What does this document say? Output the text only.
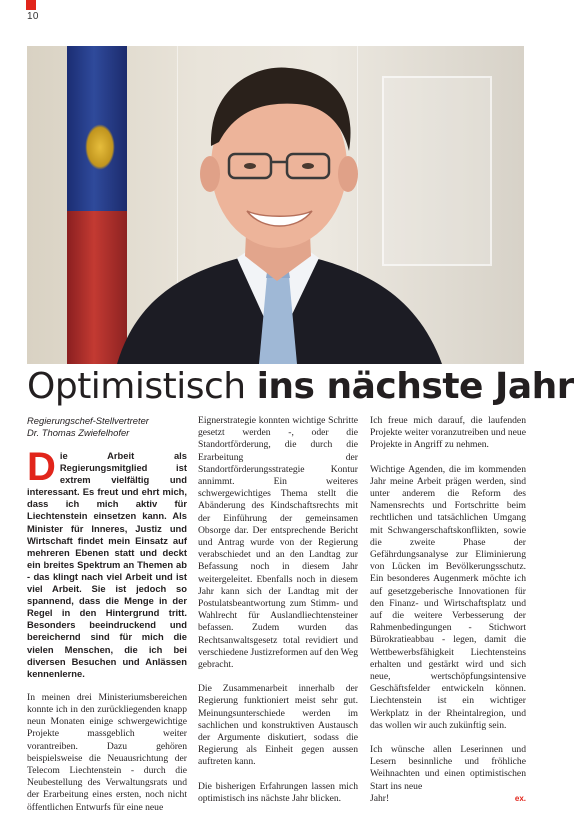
10
Optimistisch ins nächste Jahr
Regierungschef-Stellvertreter
Dr. Thomas Zwiefelhofer
D ie Arbeit als Regierungsmitglied ist extrem vielfältig und interessant. Es freut und ehrt mich, dass ich mich aktiv für Liechtenstein einsetzen kann. Als Minister für Inneres, Justiz und Wirtschaft findet mein Einsatz auf mehreren Ebenen statt und deckt ein breites Spektrum an Themen ab - das klingt nach viel Arbeit und ist viel Arbeit. Sie ist jedoch so spannend, dass die Menge in der Regel in den Hintergrund tritt. Besonders beeindruckend und bereichernd sind für mich die vielen Menschen, die ich bei diversen Besuchen und Anlässen kennenlerne.

In meinen drei Ministeriumsbereichen konnte ich in den zurückliegenden knapp neun Monaten einige schwergewichtige Projekte massgeblich weiter vorantreiben. Dazu gehören beispielsweise die Neuausrichtung der Telecom Liechtenstein - durch die Neubestellung des Verwaltungsrats und der Erarbeitung eines ersten, noch nicht öffentlichen Entwurfs für eine neue

Eignerstrategie konnten wichtige Schritte gesetzt werden -, oder die Standortförderung, die durch die Erarbeitung der Standortförderungsstrategie Kontur annimmt. Ein weiteres schwergewichtiges Thema stellt die Abänderung des Kindschaftsrechts mit der Einführung der gemeinsamen Obsorge dar. Der entsprechende Bericht und Antrag wurde von der Regierung verabschiedet und an den Landtag zur Befassung noch in diesem Jahr weitergeleitet. Ebenfalls noch in diesem Jahr kann sich der Landtag mit der Postulatsbeantwortung zum Stimm- und Wahlrecht für Auslandliechtensteiner befassen. Zudem wurden das Rechtsanwaltsgesetz total revidiert und verschiedene Justizreformen auf den Weg gebracht.

Die Zusammenarbeit innerhalb der Regierung funktioniert meist sehr gut. Meinungsunterschiede werden im sachlichen und konstruktiven Austausch der Argumente diskutiert, sodass die Regierung als Einheit gegen aussen auftreten kann.

Die bisherigen Erfahrungen lassen mich optimistisch ins nächste Jahr blicken.

Ich freue mich darauf, die laufenden Projekte weiter voranzutreiben und neue Projekte in Angriff zu nehmen.

Wichtige Agenden, die im kommenden Jahr meine Arbeit prägen werden, sind unter anderem die Reform des Namensrechts und Fortschritte beim rechtlichen und tatsächlichen Umgang mit Schwangerschaftskonflikten, sowie die zweite Phase der Gefährdungsanalyse zur Eliminierung von Lücken im Bevölkerungsschutz. Ein besonderes Augenmerk möchte ich auf gesetzgeberische Innovationen für den Finanz- und Wirtschaftsplatz und auf die weitere Verbesserung der Rahmenbedingungen - Stichwort Bürokratieabbau - legen, damit die Wettbewerbsfähigkeit Liechtensteins erhalten und gestärkt wird und sich neue, wertschöpfungsintensive Geschäftsfelder entwickeln können. Liechtenstein ist ein wichtiger Werkplatz in der Rheintalregion, und das wollen wir auch zukünftig sein.

Ich wünsche allen Leserinnen und Lesern besinnliche und fröhliche Weihnachten und einen optimistischen Start ins neue

Jahr!	ex.
